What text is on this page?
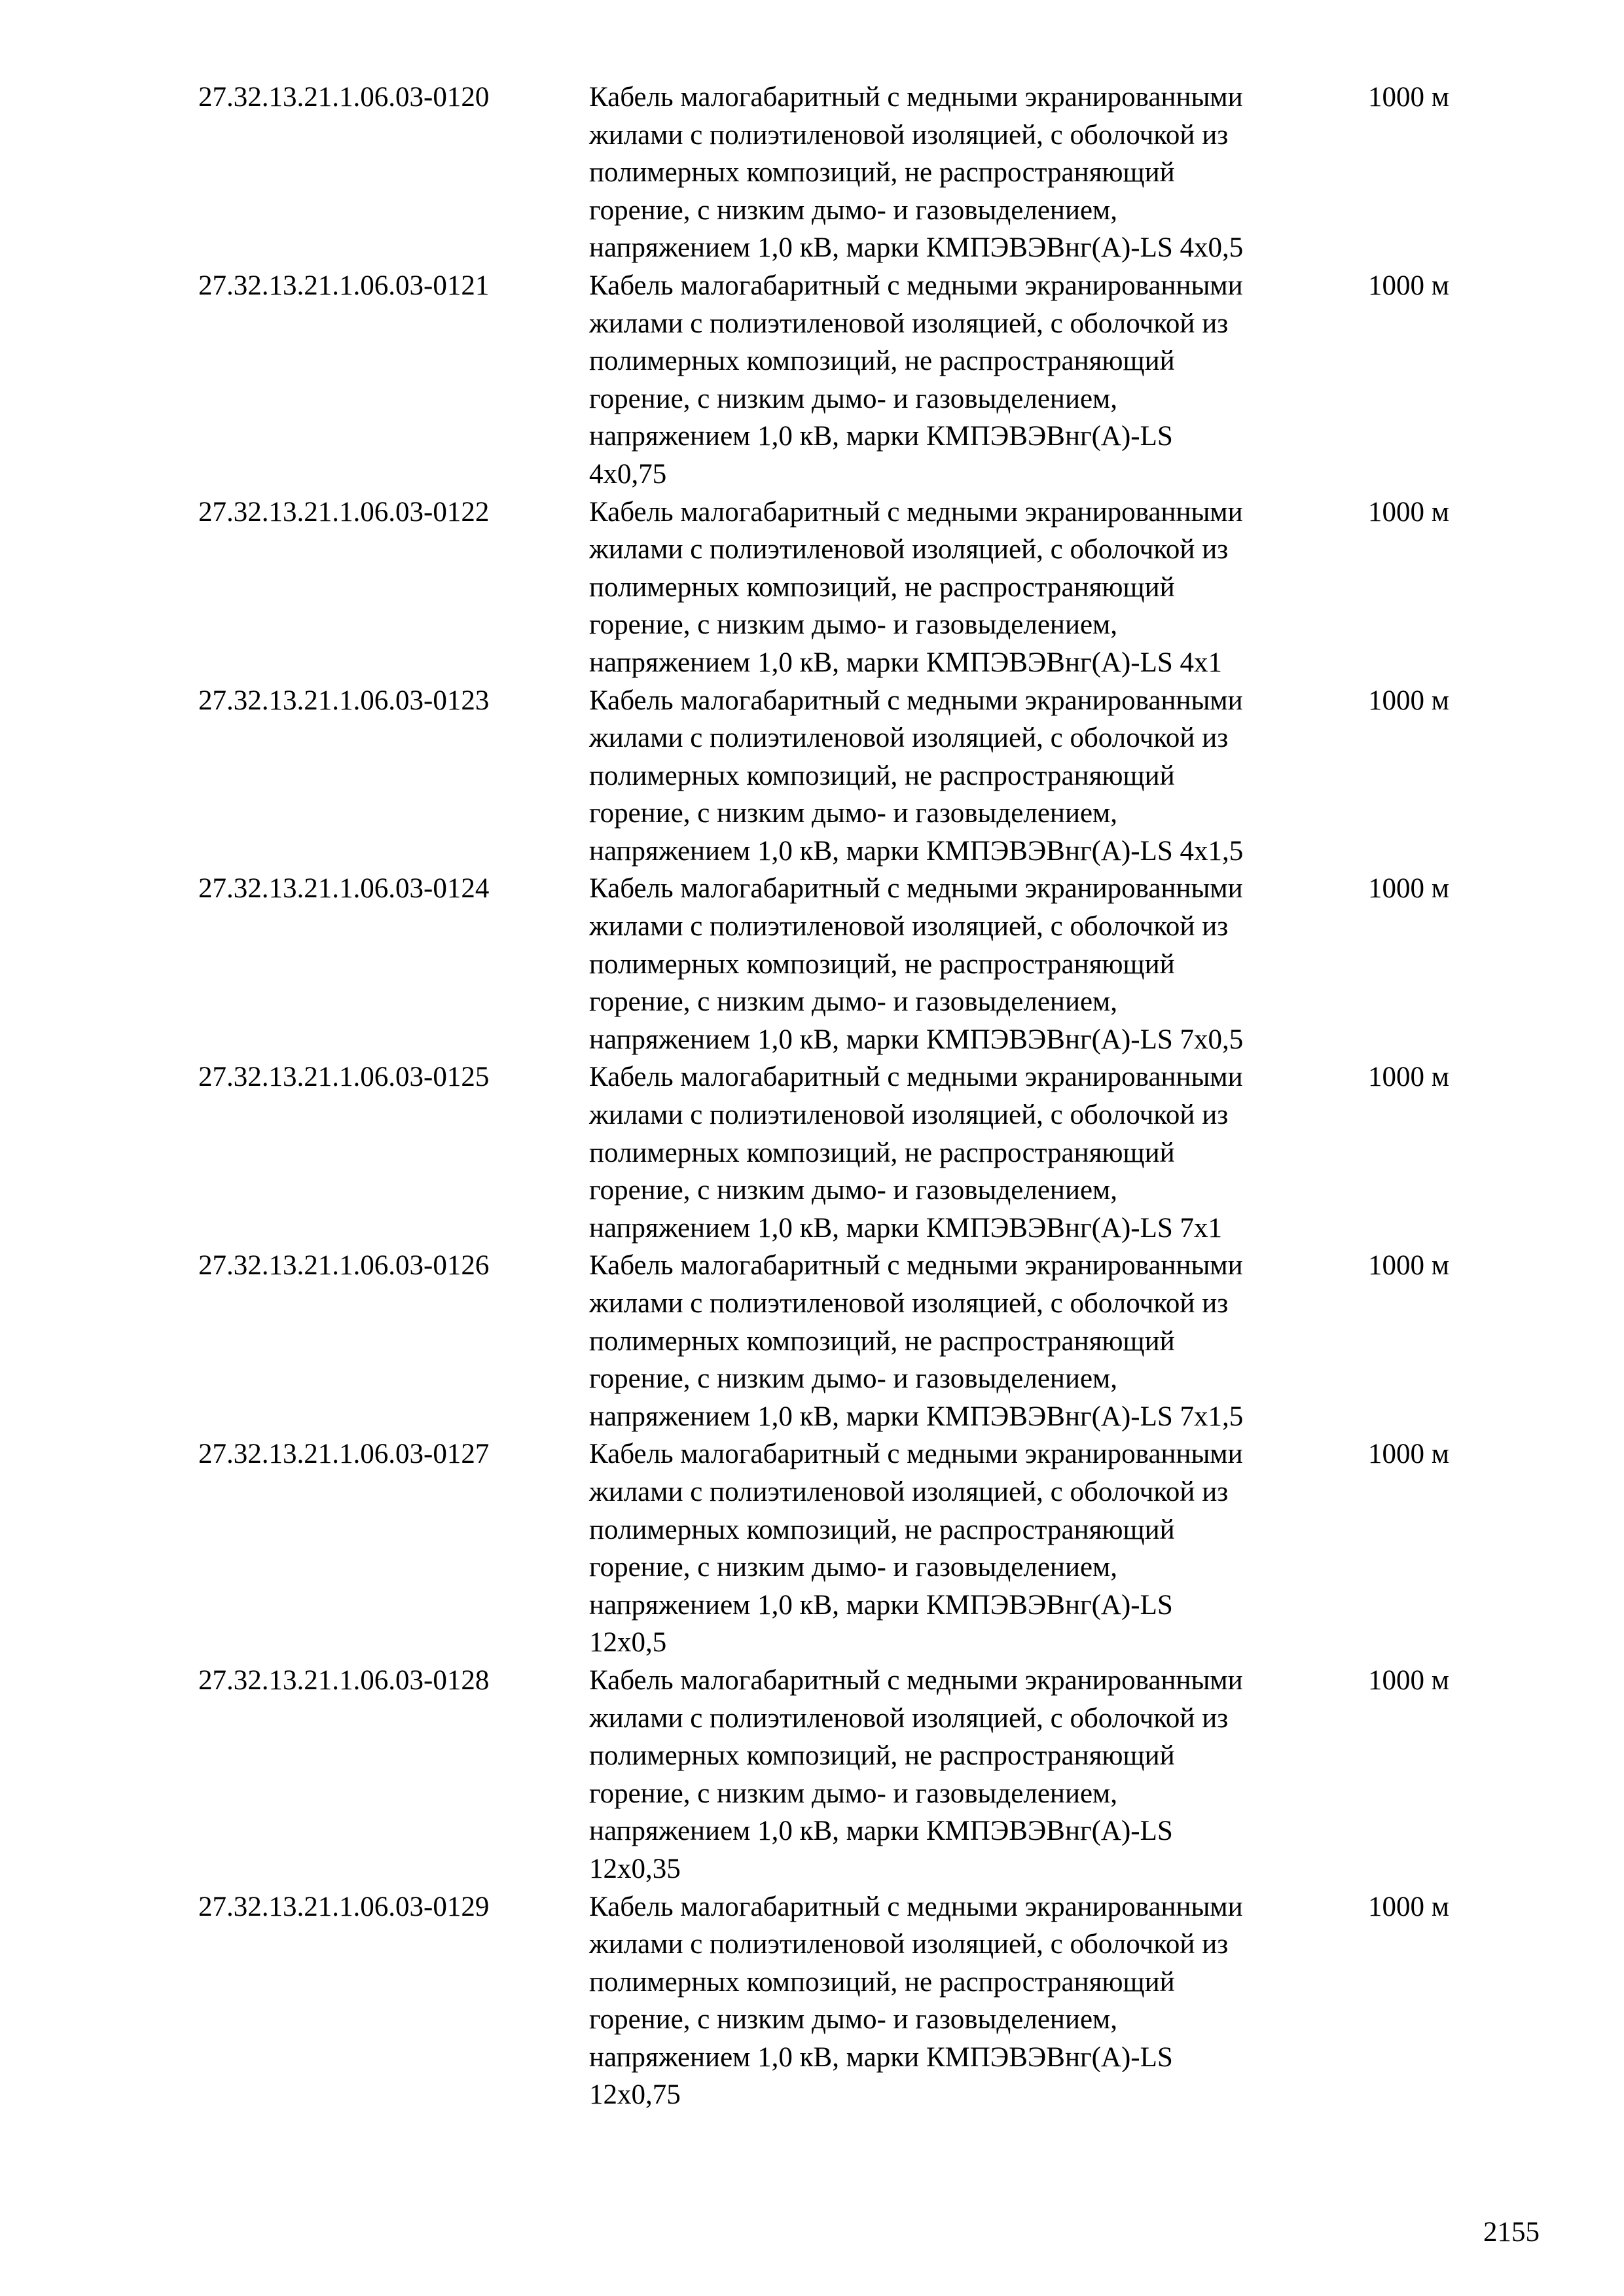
27.32.13.21.1.06.03-0120	Кабель малогабаритный с медными экранированными
жилами с полиэтиленовой изоляцией, с оболочкой из
полимерных композиций, не распространяющий
горение, с низким дымо- и газовыделением,
напряжением 1,0 кВ, марки КМПЭВЭВнг(А)-LS 4х0,5
1000 м
27.32.13.21.1.06.03-0121	Кабель малогабаритный с медными экранированными
жилами с полиэтиленовой изоляцией, с оболочкой из
полимерных композиций, не распространяющий
горение, с низким дымо- и газовыделением,
напряжением 1,0 кВ, марки КМПЭВЭВнг(А)-LS
4х0,75
1000 м
27.32.13.21.1.06.03-0122	Кабель малогабаритный с медными экранированными
жилами с полиэтиленовой изоляцией, с оболочкой из
полимерных композиций, не распространяющий
горение, с низким дымо- и газовыделением,
напряжением 1,0 кВ, марки КМПЭВЭВнг(А)-LS 4х1
1000 м
27.32.13.21.1.06.03-0123	Кабель малогабаритный с медными экранированными
жилами с полиэтиленовой изоляцией, с оболочкой из
полимерных композиций, не распространяющий
горение, с низким дымо- и газовыделением,
напряжением 1,0 кВ, марки КМПЭВЭВнг(А)-LS 4х1,5
1000 м
27.32.13.21.1.06.03-0124	Кабель малогабаритный с медными экранированными
жилами с полиэтиленовой изоляцией, с оболочкой из
полимерных композиций, не распространяющий
горение, с низким дымо- и газовыделением,
напряжением 1,0 кВ, марки КМПЭВЭВнг(А)-LS 7х0,5
1000 м
27.32.13.21.1.06.03-0125	Кабель малогабаритный с медными экранированными
жилами с полиэтиленовой изоляцией, с оболочкой из
полимерных композиций, не распространяющий
горение, с низким дымо- и газовыделением,
напряжением 1,0 кВ, марки КМПЭВЭВнг(А)-LS 7х1
1000 м
27.32.13.21.1.06.03-0126	Кабель малогабаритный с медными экранированными
жилами с полиэтиленовой изоляцией, с оболочкой из
полимерных композиций, не распространяющий
горение, с низким дымо- и газовыделением,
напряжением 1,0 кВ, марки КМПЭВЭВнг(А)-LS 7х1,5
1000 м
27.32.13.21.1.06.03-0127	Кабель малогабаритный с медными экранированными
жилами с полиэтиленовой изоляцией, с оболочкой из
полимерных композиций, не распространяющий
горение, с низким дымо- и газовыделением,
напряжением 1,0 кВ, марки КМПЭВЭВнг(А)-LS
12х0,5
1000 м
27.32.13.21.1.06.03-0128	Кабель малогабаритный с медными экранированными
жилами с полиэтиленовой изоляцией, с оболочкой из
полимерных композиций, не распространяющий
горение, с низким дымо- и газовыделением,
напряжением 1,0 кВ, марки КМПЭВЭВнг(А)-LS
12х0,35
1000 м
27.32.13.21.1.06.03-0129	Кабель малогабаритный с медными экранированными
жилами с полиэтиленовой изоляцией, с оболочкой из
полимерных композиций, не распространяющий
горение, с низким дымо- и газовыделением,
напряжением 1,0 кВ, марки КМПЭВЭВнг(А)-LS
12х0,75
1000 м
2155
